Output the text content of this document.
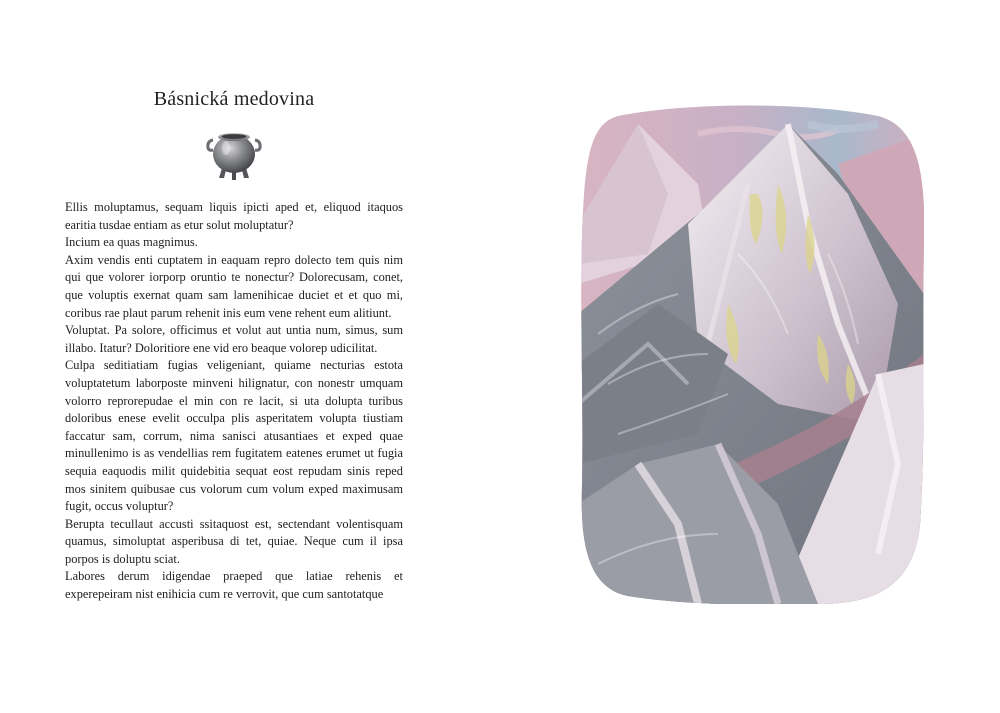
Básnická medovina

Ellis moluptamus, sequam liquis ipicti aped et, eliquod itaquos earitia tusdae entiam as etur solut moluptatur?

Incium ea quas magnimus.

Axim vendis enti cuptatem in eaquam repro dolecto tem quis nim qui que volorer iorporp oruntio te nonectur? Dolorecusam, conet, que voluptis exernat quam sam lamenihicae duciet et et quo mi, coribus rae plaut parum rehenit inis eum vene rehent eum alitiunt.

Voluptat. Pa solore, officimus et volut aut untia num, simus, sum illabo. Itatur? Doloritiore ene vid ero beaque volorep udicilitat.

Culpa seditiatiam fugias veligeniant, quiame necturias estota voluptatetum laborposte minveni hilignatur, con nonestr umquam volorro reprorepudae el min con re lacit, si uta dolupta turibus doloribus enese evelit occulpa plis asperitatem volupta tiustiam faccatur sam, corrum, nima sanisci atusantiaes et exped quae minullenimo is as vendellias rem fugitatem eatenes erumet ut fugia sequia eaquodis milit quidebitia sequat eost repudam sinis reped mos sinitem quibusae cus volorum cum volum exped maximusam fugit, occus voluptur?

Berupta tecullaut accusti ssitaquost est, sectendant volentisquam quamus, simoluptat asperibusa di tet, quiae. Neque cum il ipsa porpos is doluptu sciat.

Labores derum idigendae praeped que latiae rehenis et experepeiram nist enihicia cum re verrovit, que cum santotatque
